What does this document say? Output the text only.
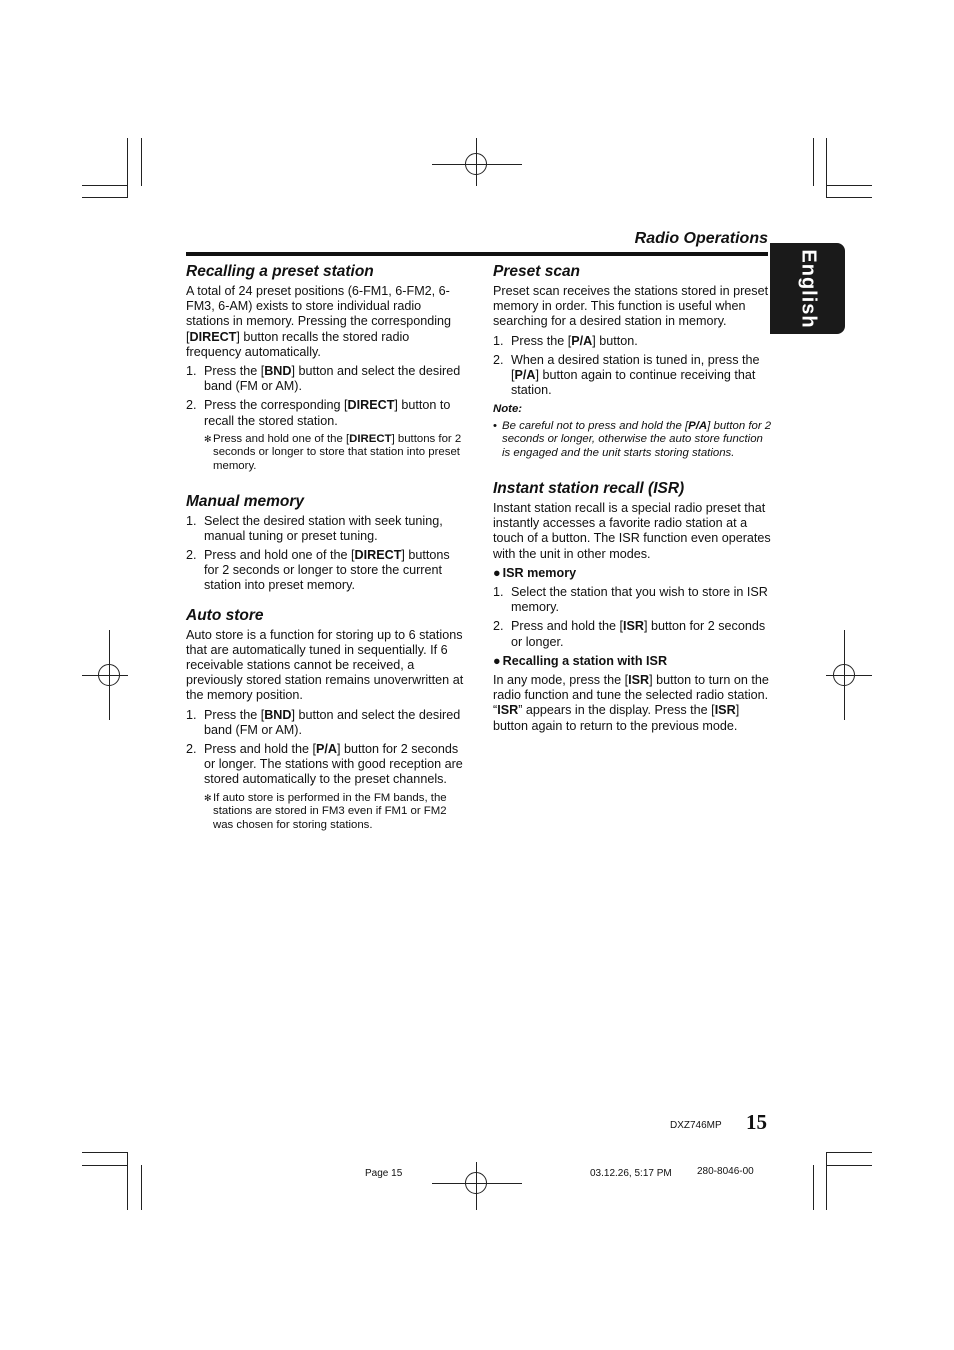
Radio Operations
English
Recalling a preset station

A total of 24 preset positions (6-FM1, 6-FM2, 6-FM3, 6-AM) exists to store individual radio stations in memory. Pressing the corresponding [DIRECT] button recalls the stored radio frequency automatically.

1. Press the [BND] button and select the desired band (FM or AM).
2. Press the corresponding [DIRECT] button to recall the stored station.
✻ Press and hold one of the [DIRECT] buttons for 2 seconds or longer to store that station into preset memory.
Manual memory
1. Select the desired station with seek tuning, manual tuning or preset tuning.
2. Press and hold one of the [DIRECT] buttons for 2 seconds or longer to store the current station into preset memory.
Auto store

Auto store is a function for storing up to 6 stations that are automatically tuned in sequentially. If 6 receivable stations cannot be received, a previously stored station remains unoverwritten at the memory position.

1. Press the [BND] button and select the desired band (FM or AM).
2. Press and hold the [P/A] button for 2 seconds or longer. The stations with good reception are stored automatically to the preset channels.
✻ If auto store is performed in the FM bands, the stations are stored in FM3 even if FM1 or FM2 was chosen for storing stations.
Preset scan

Preset scan receives the stations stored in preset memory in order. This function is useful when searching for a desired station in memory.

1. Press the [P/A] button.
2. When a desired station is tuned in, press the [P/A] button again to continue receiving that station.
Note:
• Be careful not to press and hold the [P/A] button for 2 seconds or longer, otherwise the auto store function is engaged and the unit starts storing stations.
Instant station recall (ISR)

Instant station recall is a special radio preset that instantly accesses a favorite radio station at a touch of a button. The ISR function even operates with the unit in other modes.

● ISR memory
1. Select the station that you wish to store in ISR memory.
2. Press and hold the [ISR] button for 2 seconds or longer.
● Recalling a station with ISR

In any mode, press the [ISR] button to turn on the radio function and tune the selected radio station. “ISR” appears in the display. Press the [ISR] button again to return to the previous mode.

DXZ746MP 15
Page 15	03.12.26, 5:17 PM	280-8046-00
